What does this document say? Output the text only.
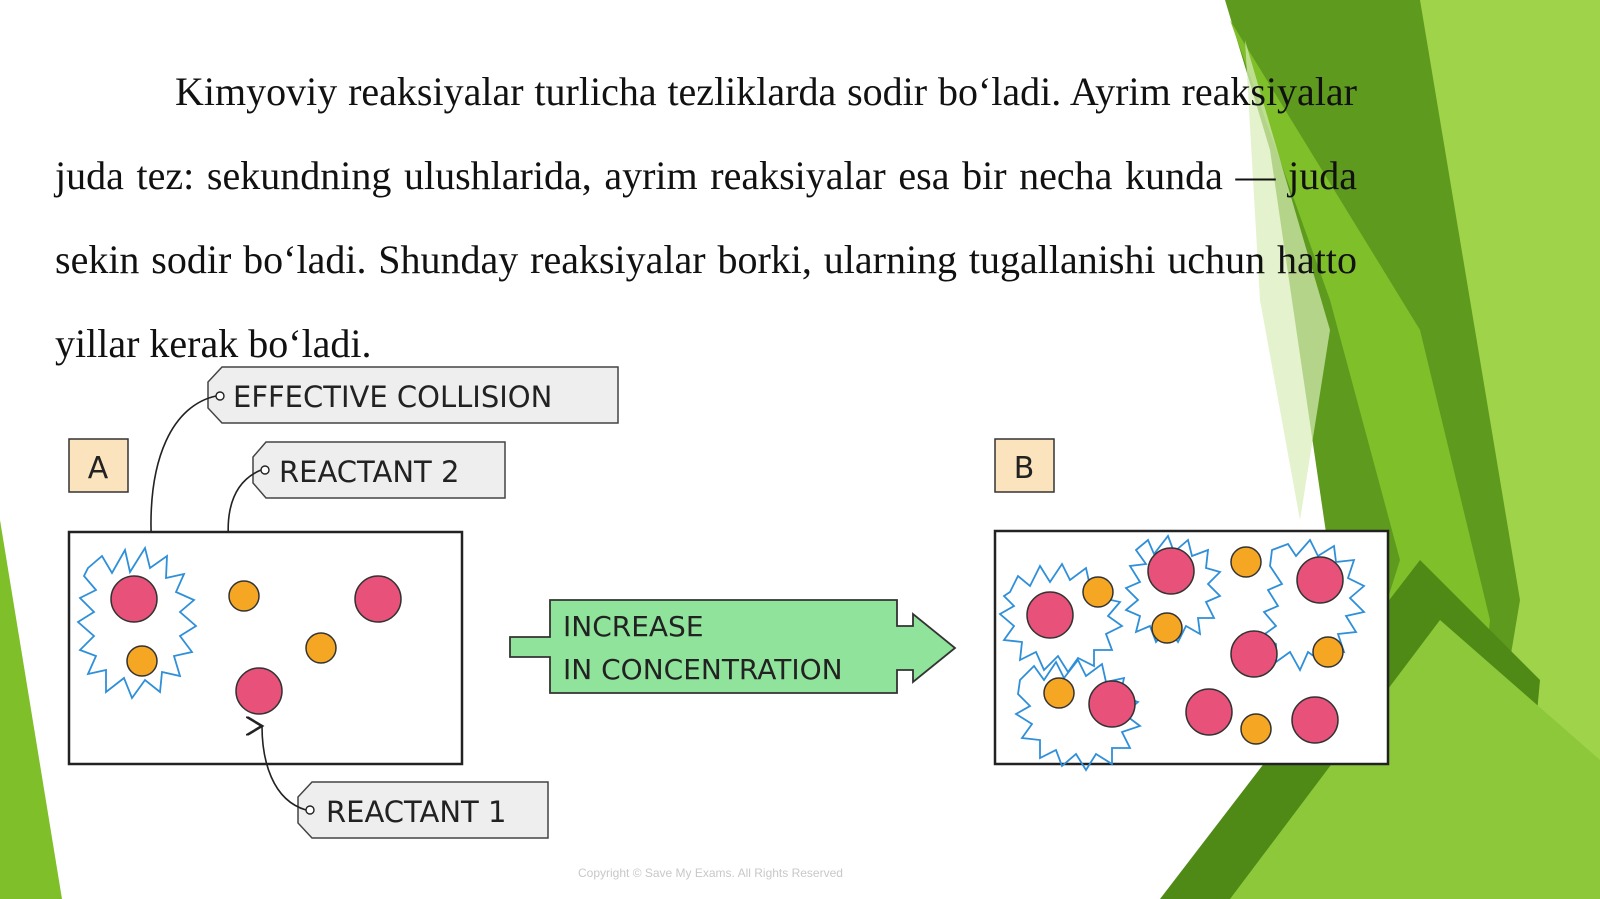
Kimyoviy reaksiyalar turlicha tezliklarda sodir bo‘ladi. Ayrim reaksiyalar juda tez: sekundning ulushlarida, ayrim reaksiyalar esa bir necha kunda — juda sekin sodir bo‘ladi. Shunday reaksiyalar borki, ularning tugallanishi uchun hatto yillar kerak bo‘ladi.

A	B
EFFECTIVE COLLISION
REACTANT 2
REACTANT 1
INCREASE
IN CONCENTRATION
Copyright © Save My Exams. All Rights Reserved
